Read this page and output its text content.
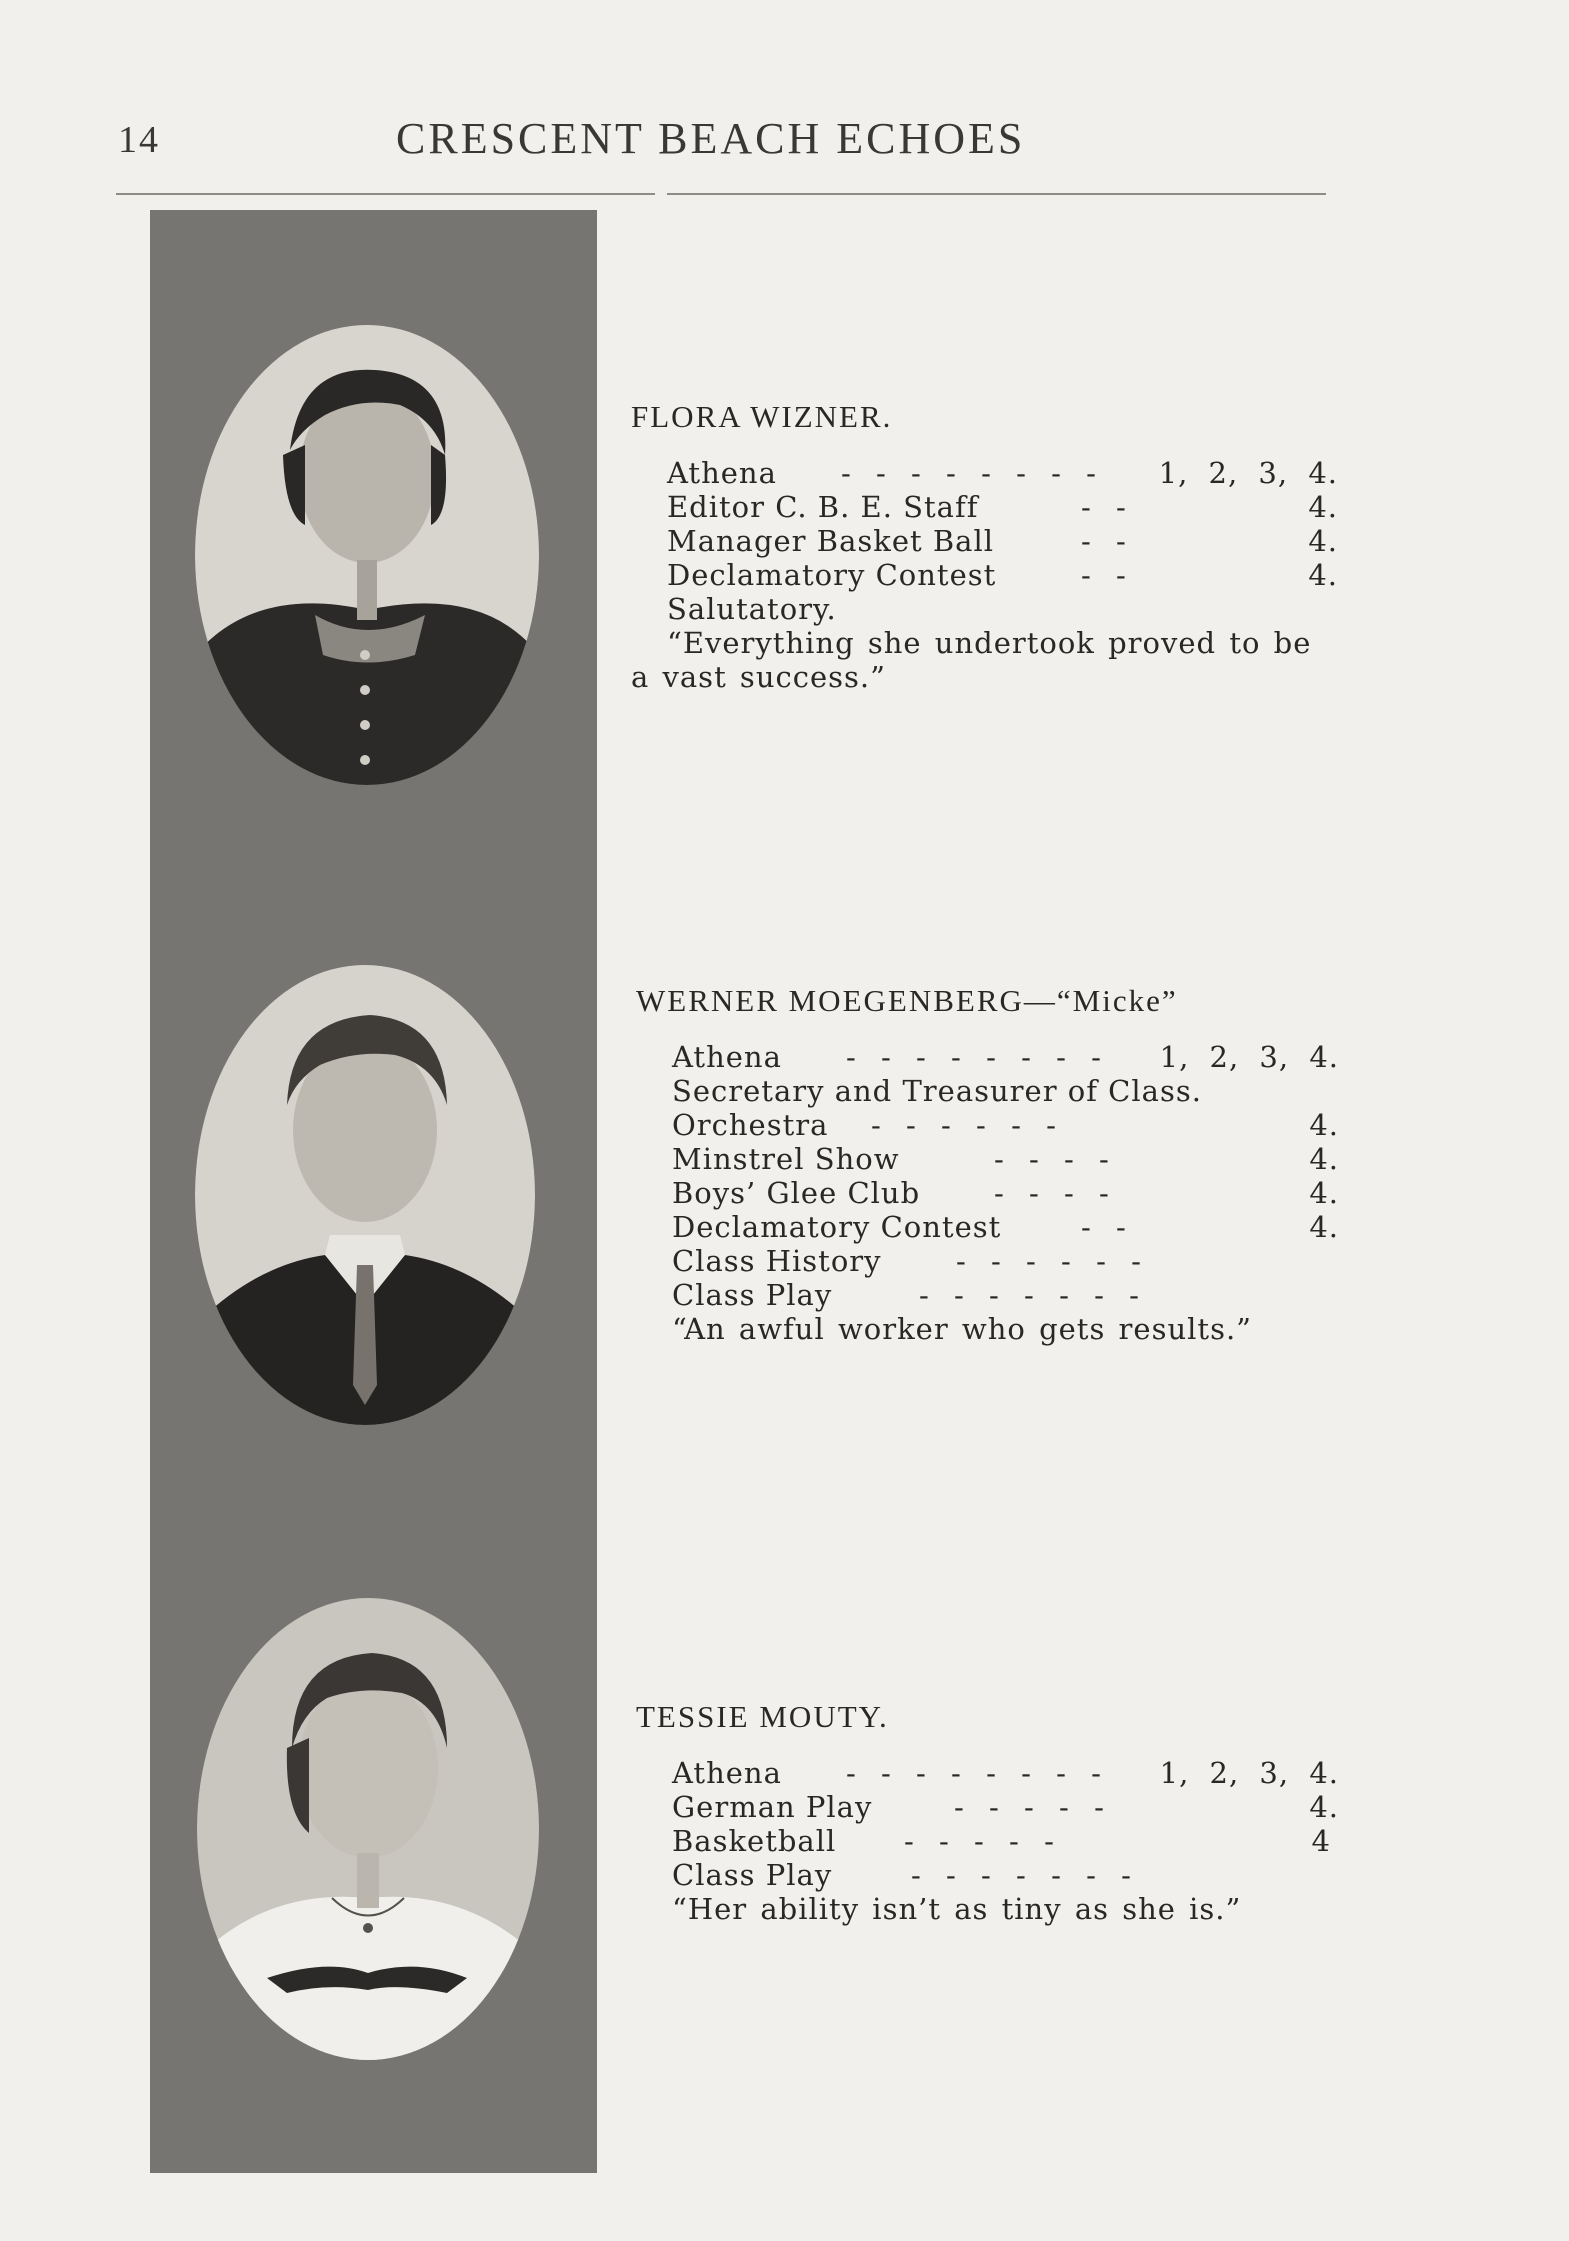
14	CRESCENT BEACH ECHOES
FLORA WIZNER.
Athena - - - - - - - - 1, 2, 3, 4.
Editor C. B. E. Staff	- -	4.
Manager Basket Ball	- -	4.
Declamatory Contest	- -	4.
Salutatory.
“Everything she undertook proved to be
a vast success.”
WERNER MOEGENBERG—“Micke”
Athena - - - - - - - - 1, 2, 3, 4.
Secretary and Treasurer of Class.
Orchestra - - - - - -	4.
Minstrel Show	- - - -	4.
Boys’ Glee Club	- - - -	4.
Declamatory Contest	- -	4.
Class History	- - - - - -
Class Play	- - - - - - -
“An awful worker who gets results.”
TESSIE MOUTY.
Athena - - - - - - - - 1, 2, 3, 4.
German Play	- - - - -	4.
Basketball - - - - -	4
Class Play	- - - - - - -
“Her ability isn’t as tiny as she is.”
